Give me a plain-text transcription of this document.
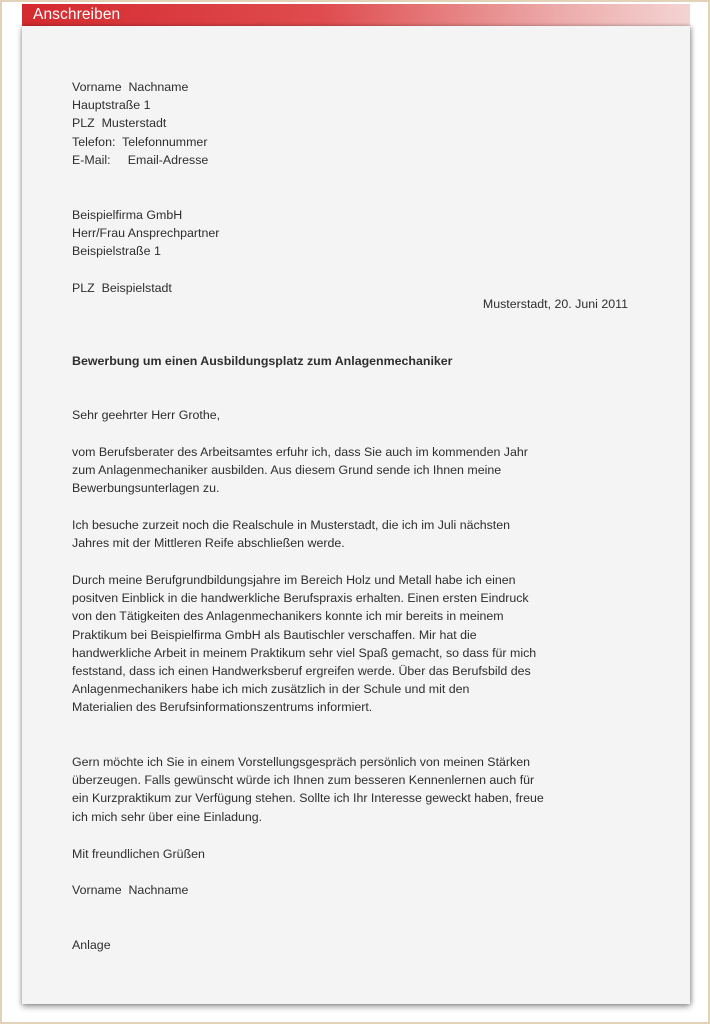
Anschreiben
Vorname  Nachname
Hauptstraße 1
PLZ  Musterstadt
Telefon:  Telefonnummer
E-Mail:     Email-Adresse
Beispielfirma GmbH
Herr/Frau Ansprechpartner
Beispielstraße 1
PLZ  Beispielstadt
Musterstadt, 20. Juni 2011
Bewerbung um einen Ausbildungsplatz zum Anlagenmechaniker
Sehr geehrter Herr Grothe,
vom Berufsberater des Arbeitsamtes erfuhr ich, dass Sie auch im kommenden Jahr
zum Anlagenmechaniker ausbilden. Aus diesem Grund sende ich Ihnen meine
Bewerbungsunterlagen zu.
Ich besuche zurzeit noch die Realschule in Musterstadt, die ich im Juli nächsten
Jahres mit der Mittleren Reife abschließen werde.
Durch meine Berufgrundbildungsjahre im Bereich Holz und Metall habe ich einen
positven Einblick in die handwerkliche Berufspraxis erhalten. Einen ersten Eindruck
von den Tätigkeiten des Anlagenmechanikers konnte ich mir bereits in meinem
Praktikum bei Beispielfirma GmbH als Bautischler verschaffen. Mir hat die
handwerkliche Arbeit in meinem Praktikum sehr viel Spaß gemacht, so dass für mich
feststand, dass ich einen Handwerksberuf ergreifen werde. Über das Berufsbild des
Anlagenmechanikers habe ich mich zusätzlich in der Schule und mit den
Materialien des Berufsinformationszentrums informiert.
Gern möchte ich Sie in einem Vorstellungsgespräch persönlich von meinen Stärken
überzeugen. Falls gewünscht würde ich Ihnen zum besseren Kennenlernen auch für
ein Kurzpraktikum zur Verfügung stehen. Sollte ich Ihr Interesse geweckt haben, freue
ich mich sehr über eine Einladung.
Mit freundlichen Grüßen
Vorname  Nachname
Anlage
